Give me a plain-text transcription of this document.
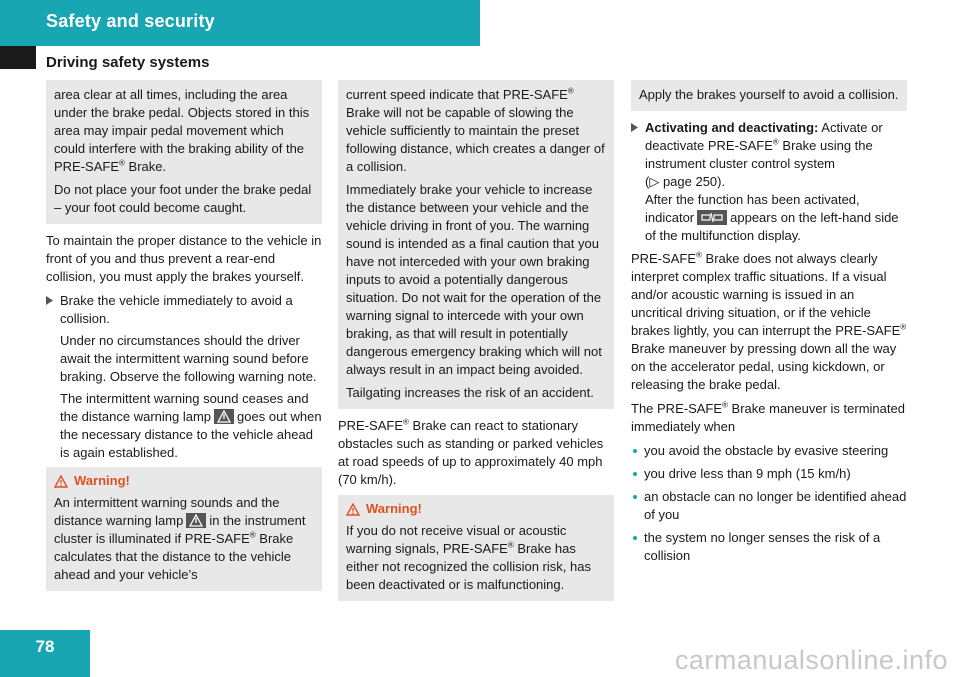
Safety and security
Driving safety systems

area clear at all times, including the area under the brake pedal. Objects stored in this area may impair pedal movement which could interfere with the braking ability of the PRE-SAFE® Brake.

Do not place your foot under the brake pedal – your foot could become caught.

To maintain the proper distance to the vehicle in front of you and thus prevent a rear-end collision, you must apply the brakes yourself.

Brake the vehicle immediately to avoid a collision.
Under no circumstances should the driver await the intermittent warning sound before braking. Observe the following warning note.
The intermittent warning sound ceases and the distance warning lamp goes out when the necessary distance to the vehicle ahead is again established.
Warning!

An intermittent warning sounds and the distance warning lamp in the instrument cluster is illuminated if PRE-SAFE® Brake calculates that the distance to the vehicle ahead and your vehicle’s

current speed indicate that PRE-SAFE® Brake will not be capable of slowing the vehicle sufficiently to maintain the preset following distance, which creates a danger of a collision.

Immediately brake your vehicle to increase the distance between your vehicle and the vehicle driving in front of you. The warning sound is intended as a final caution that you have not interceded with your own braking inputs to avoid a potentially dangerous situation. Do not wait for the operation of the warning signal to intercede with your own braking, as that will result in potentially dangerous emergency braking which will not always result in an impact being avoided.

Tailgating increases the risk of an accident.

PRE-SAFE® Brake can react to stationary obstacles such as standing or parked vehicles at road speeds of up to approximately 40 mph (70 km/h).

Warning!

If you do not receive visual or acoustic warning signals, PRE-SAFE® Brake has either not recognized the collision risk, has been deactivated or is malfunctioning.

Apply the brakes yourself to avoid a collision.

Activating and deactivating: Activate or deactivate PRE-SAFE® Brake using the instrument cluster control system
(▷ page 250).
After the function has been activated, indicator	appears on the left-hand side of the multifunction display.

PRE-SAFE® Brake does not always clearly interpret complex traffic situations. If a visual and/or acoustic warning is issued in an uncritical driving situation, or if the vehicle brakes lightly, you can interrupt the PRE-SAFE® Brake maneuver by pressing down all the way on the accelerator pedal, using kickdown, or releasing the brake pedal.

The PRE-SAFE® Brake maneuver is terminated immediately when

you avoid the obstacle by evasive steering
you drive less than 9 mph (15 km/h)
an obstacle can no longer be identified ahead of you
the system no longer senses the risk of a collision
78	carmanualsonline.info
